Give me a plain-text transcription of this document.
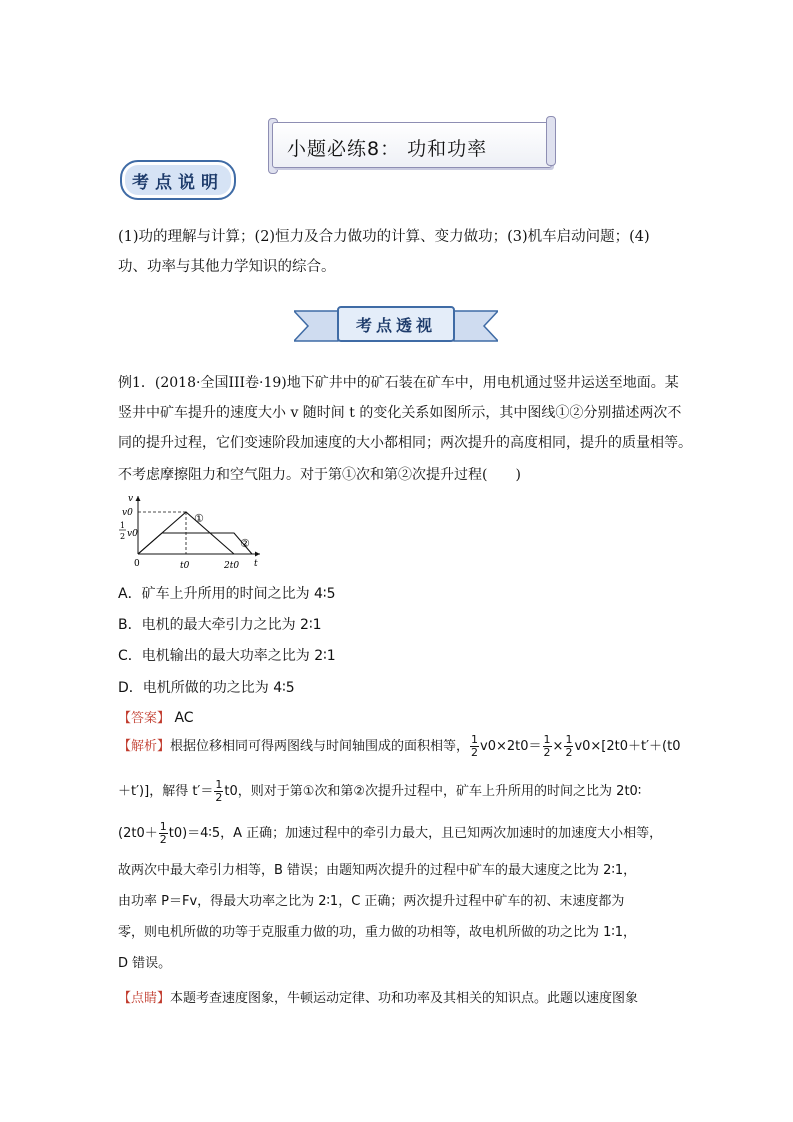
小题必练8： 功和功率
考点说明
(1)功的理解与计算；(2)恒力及合力做功的计算、变力做功；(3)机车启动问题；(4)功、功率与其他力学知识的综合。
考点透视
例1．(2018·全国III卷·19)地下矿井中的矿石装在矿车中，用电机通过竖井运送至地面。某
竖井中矿车提升的速度大小 v 随时间 t 的变化关系如图所示，其中图线①②分别描述两次不
同的提升过程，它们变速阶段加速度的大小都相同；两次提升的高度相同，提升的质量相等。
不考虑摩擦阻力和空气阻力。对于第①次和第②次提升过程(　　)
v
v0
1
2 v0
0	t0	2t0 t
①
②
A．矿车上升所用的时间之比为 4∶5
B．电机的最大牵引力之比为 2∶1
C．电机输出的最大功率之比为 2∶1
D．电机所做的功之比为 4∶5
【答案】 AC
【解析】根据位移相同可得两图线与时间轴围成的面积相等， $\frac{1}{2} v0\times 2t0= \frac{1}{2} \times \frac{1}{2} v0\times[2t0+t'+(t0$
＋t′)]，解得 $t'= \frac{1}{2} t0$，则对于第①次和第②次提升过程中，矿车上升所用的时间之比为 2t0∶
($2t0+ \frac{1}{2}$ t0)＝4∶5，A 正确；加速过程中的牵引力最大，且已知两次加速时的加速度大小相等，
故两次中最大牵引力相等，B 错误；由题知两次提升的过程中矿车的最大速度之比为 2∶1，
由功率 P＝Fv，得最大功率之比为 2∶1，C 正确；两次提升过程中矿车的初、末速度都为
零，则电机所做的功等于克服重力做的功，重力做的功相等，故电机所做的功之比为 1∶1，
D 错误。
【点睛】本题考查速度图象，牛顿运动定律、功和功率及其相关的知识点。此题以速度图象
